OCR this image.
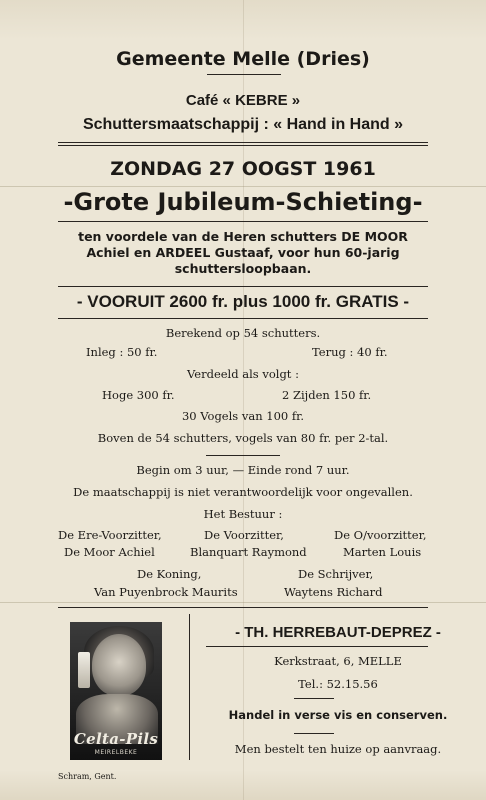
Gemeente Melle (Dries)
Café « KEBRE »
Schuttersmaatschappij : « Hand in Hand »
ZONDAG 27 OOGST 1961
-Grote Jubileum-Schieting-
ten voordele van de Heren schutters DE MOOR
Achiel en ARDEEL Gustaaf, voor hun 60-jarig
schuttersloopbaan.
- VOORUIT 2600 fr. plus 1000 fr. GRATIS -
Berekend op 54 schutters.
Inleg : 50 fr.	Terug : 40 fr.
Verdeeld als volgt :
Hoge 300 fr.	2 Zijden 150 fr.
30 Vogels van 100 fr.
Boven de 54 schutters, vogels van 80 fr. per 2-tal.
Begin om 3 uur, — Einde rond 7 uur.
De maatschappij is niet verantwoordelijk voor ongevallen.
Het Bestuur :
De Ere-Voorzitter,
De Moor Achiel
De Voorzitter,
Blanquart Raymond
De O/voorzitter,
Marten Louis
De Koning,
Van Puyenbrock Maurits
De Schrijver,
Waytens Richard
Celta-Pils
MEIRELBEKE
- TH. HERREBAUT-DEPREZ -
Kerkstraat, 6, MELLE
Tel.: 52.15.56
Handel in verse vis en conserven.
Men bestelt ten huize op aanvraag.
Schram, Gent.
